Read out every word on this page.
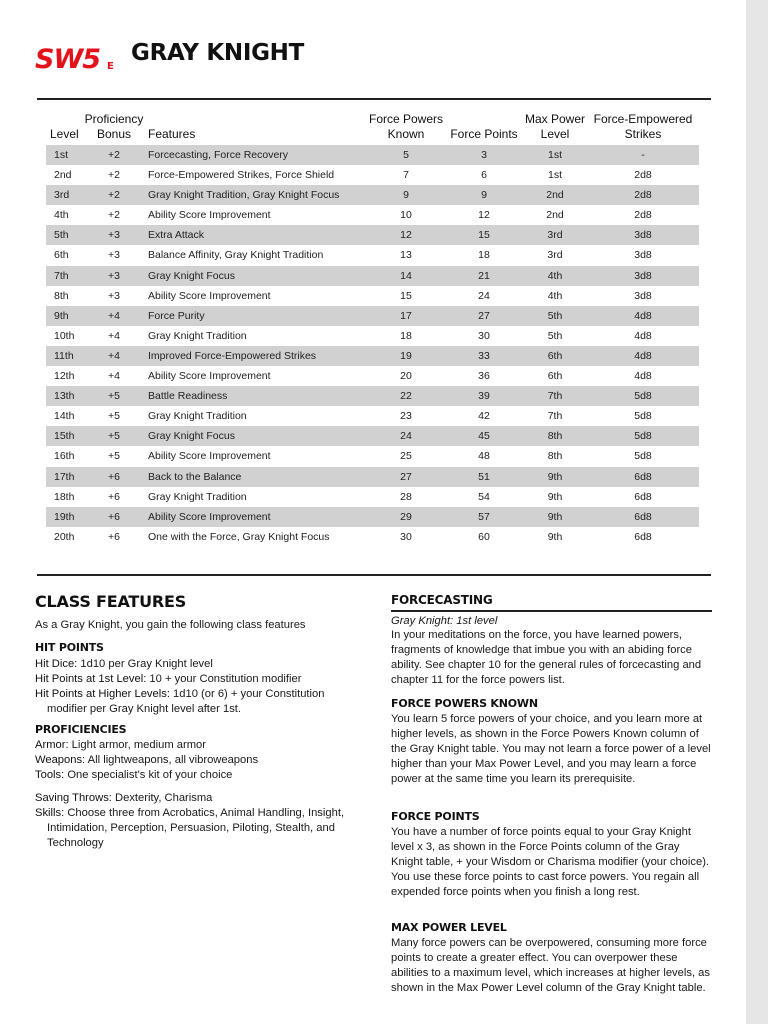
SW5 E
GRAY KNIGHT
Level
Proficiency
Bonus	Features
Force Powers
Known	Force Points
Max Power
Level
Force-Empowered
Strikes
1st	+2	Forcecasting, Force Recovery	5	3	1st	-
2nd	+2	Force-Empowered Strikes, Force Shield	7	6	1st	2d8
3rd	+2	Gray Knight Tradition, Gray Knight Focus	9	9	2nd	2d8
4th	+2	Ability Score Improvement	10	12	2nd	2d8
5th	+3	Extra Attack	12	15	3rd	3d8
6th	+3	Balance Affinity, Gray Knight Tradition	13	18	3rd	3d8
7th	+3	Gray Knight Focus	14	21	4th	3d8
8th	+3	Ability Score Improvement	15	24	4th	3d8
9th	+4	Force Purity	17	27	5th	4d8
10th	+4	Gray Knight Tradition	18	30	5th	4d8
11th	+4	Improved Force-Empowered Strikes	19	33	6th	4d8
12th	+4	Ability Score Improvement	20	36	6th	4d8
13th	+5	Battle Readiness	22	39	7th	5d8
14th	+5	Gray Knight Tradition	23	42	7th	5d8
15th	+5	Gray Knight Focus	24	45	8th	5d8
16th	+5	Ability Score Improvement	25	48	8th	5d8
17th	+6	Back to the Balance	27	51	9th	6d8
18th	+6	Gray Knight Tradition	28	54	9th	6d8
19th	+6	Ability Score Improvement	29	57	9th	6d8
20th	+6	One with the Force, Gray Knight Focus	30	60	9th	6d8
CLASS FEATURES
As a Gray Knight, you gain the following class features
HIT POINTS
Hit Dice: 1d10 per Gray Knight level
Hit Points at 1st Level: 10 + your Constitution modifier
Hit Points at Higher Levels: 1d10 (or 6) + your Constitution modifier per Gray Knight level after 1st.
PROFICIENCIES
Armor: Light armor, medium armor
Weapons: All lightweapons, all vibroweapons
Tools: One specialist's kit of your choice
Saving Throws: Dexterity, Charisma
Skills: Choose three from Acrobatics, Animal Handling, Insight, Intimidation, Perception, Persuasion, Piloting, Stealth, and Technology
FORCECASTING
Gray Knight: 1st level
In your meditations on the force, you have learned powers, fragments of knowledge that imbue you with an abiding force ability. See chapter 10 for the general rules of forcecasting and chapter 11 for the force powers list.
FORCE POWERS KNOWN
You learn 5 force powers of your choice, and you learn more at higher levels, as shown in the Force Powers Known column of the Gray Knight table. You may not learn a force power of a level higher than your Max Power Level, and you may learn a force power at the same time you learn its prerequisite.
FORCE POINTS
You have a number of force points equal to your Gray Knight level x 3, as shown in the Force Points column of the Gray Knight table, + your Wisdom or Charisma modifier (your choice). You use these force points to cast force powers. You regain all expended force points when you finish a long rest.
MAX POWER LEVEL
Many force powers can be overpowered, consuming more force points to create a greater effect. You can overpower these abilities to a maximum level, which increases at higher levels, as shown in the Max Power Level column of the Gray Knight table.
